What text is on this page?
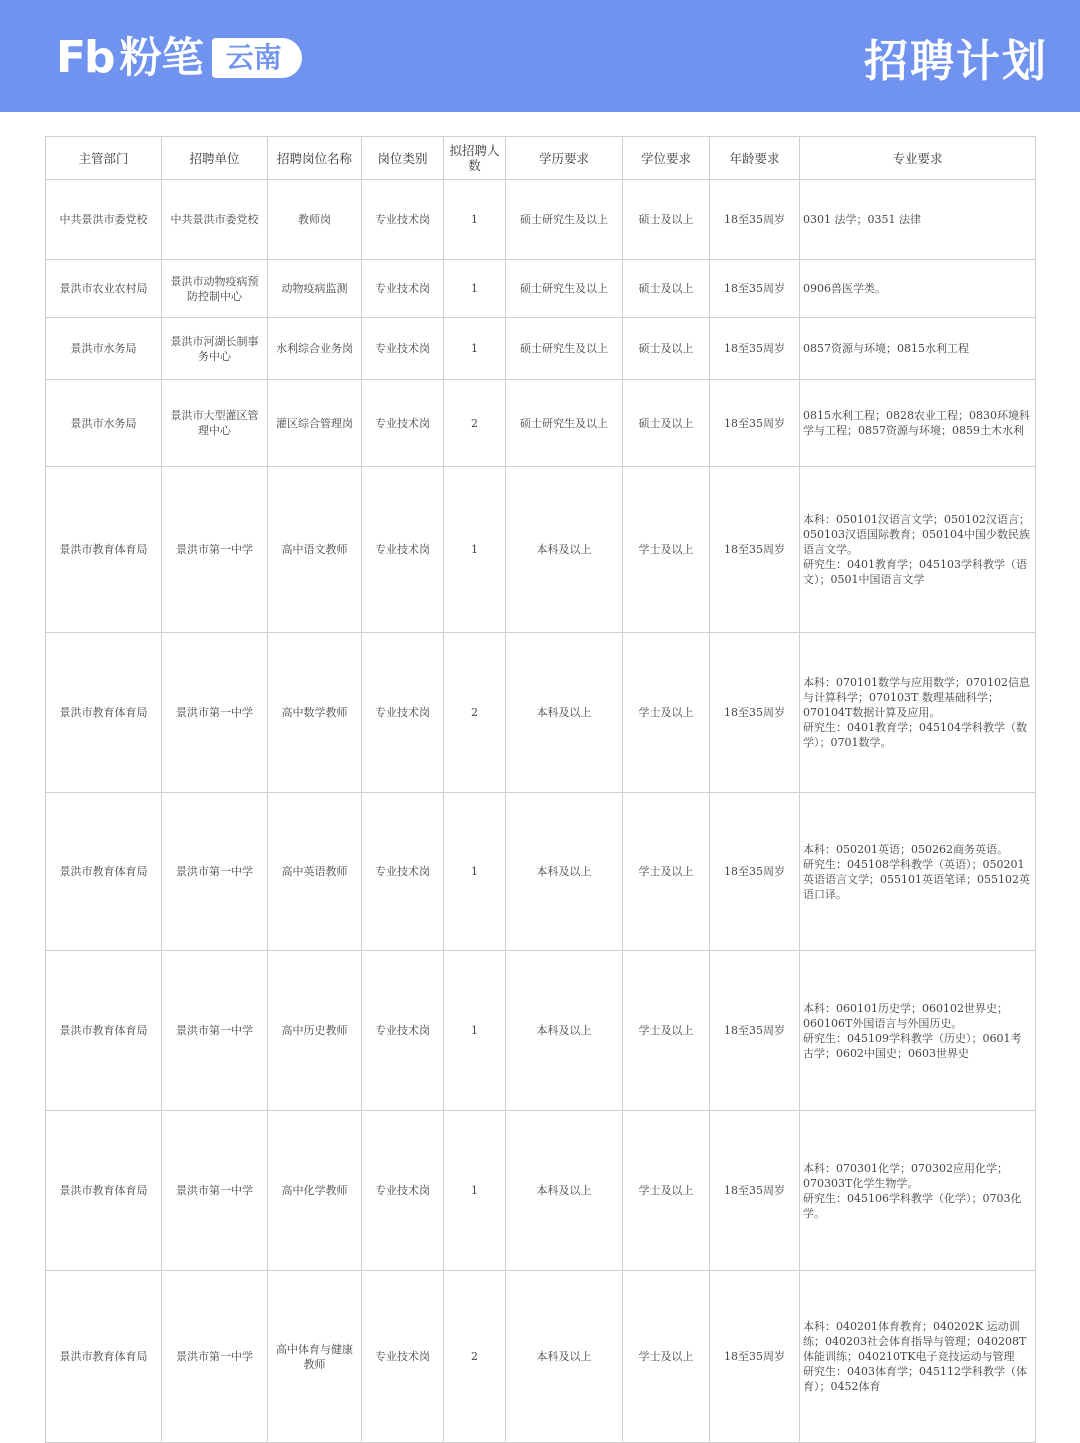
Fb 粉笔 云南	招聘计划
主管部门	招聘单位	招聘岗位名称	岗位类别	拟招聘人数	学历要求	学位要求	年龄要求	专业要求
中共景洪市委党校	中共景洪市委党校	教师岗	专业技术岗	1	硕士研究生及以上	硕士及以上	18至35周岁	0301 法学；0351 法律

景洪市农业农村局	景洪市动物疫病预防控制中心	动物疫病监测	专业技术岗	1	硕士研究生及以上	硕士及以上	18至35周岁	0906兽医学类。

景洪市水务局	景洪市河湖长制事务中心	水利综合业务岗	专业技术岗	1	硕士研究生及以上	硕士及以上	18至35周岁	0857资源与环境；0815水利工程

景洪市水务局	景洪市大型灌区管理中心	灌区综合管理岗	专业技术岗	2	硕士研究生及以上	硕士及以上	18至35周岁	0815水利工程；0828农业工程；0830环境科学与工程；0857资源与环境；0859土木水利

景洪市教育体育局	景洪市第一中学	高中语文教师	专业技术岗	1	本科及以上	学士及以上	18至35周岁	本科：050101汉语言文学；050102汉语言；050103汉语国际教育；050104中国少数民族语言文学。
研究生：0401教育学；045103学科教学（语文）；0501中国语言文学

景洪市教育体育局	景洪市第一中学	高中数学教师	专业技术岗	2	本科及以上	学士及以上	18至35周岁	本科：070101数学与应用数学；070102信息与计算科学；070103T 数理基础科学；070104T数据计算及应用。
研究生：0401教育学；045104学科教学（数学）；0701数学。

景洪市教育体育局	景洪市第一中学	高中英语教师	专业技术岗	1	本科及以上	学士及以上	18至35周岁	本科：050201英语；050262商务英语。
研究生：045108学科教学（英语）；050201英语语言文学；055101英语笔译；055102英语口译。

景洪市教育体育局	景洪市第一中学	高中历史教师	专业技术岗	1	本科及以上	学士及以上	18至35周岁	本科：060101历史学；060102世界史；060106T外国语言与外国历史。
研究生：045109学科教学（历史）；0601考古学；0602中国史；0603世界史

景洪市教育体育局	景洪市第一中学	高中化学教师	专业技术岗	1	本科及以上	学士及以上	18至35周岁	本科：070301化学；070302应用化学；070303T化学生物学。
研究生：045106学科教学（化学）；0703化学。

景洪市教育体育局	景洪市第一中学	高中体育与健康教师	专业技术岗	2	本科及以上	学士及以上	18至35周岁	本科：040201体育教育；040202K 运动训练；040203社会体育指导与管理；040208T体能训练；040210TK电子竞技运动与管理
研究生：0403体育学；045112学科教学（体育）；0452体育
